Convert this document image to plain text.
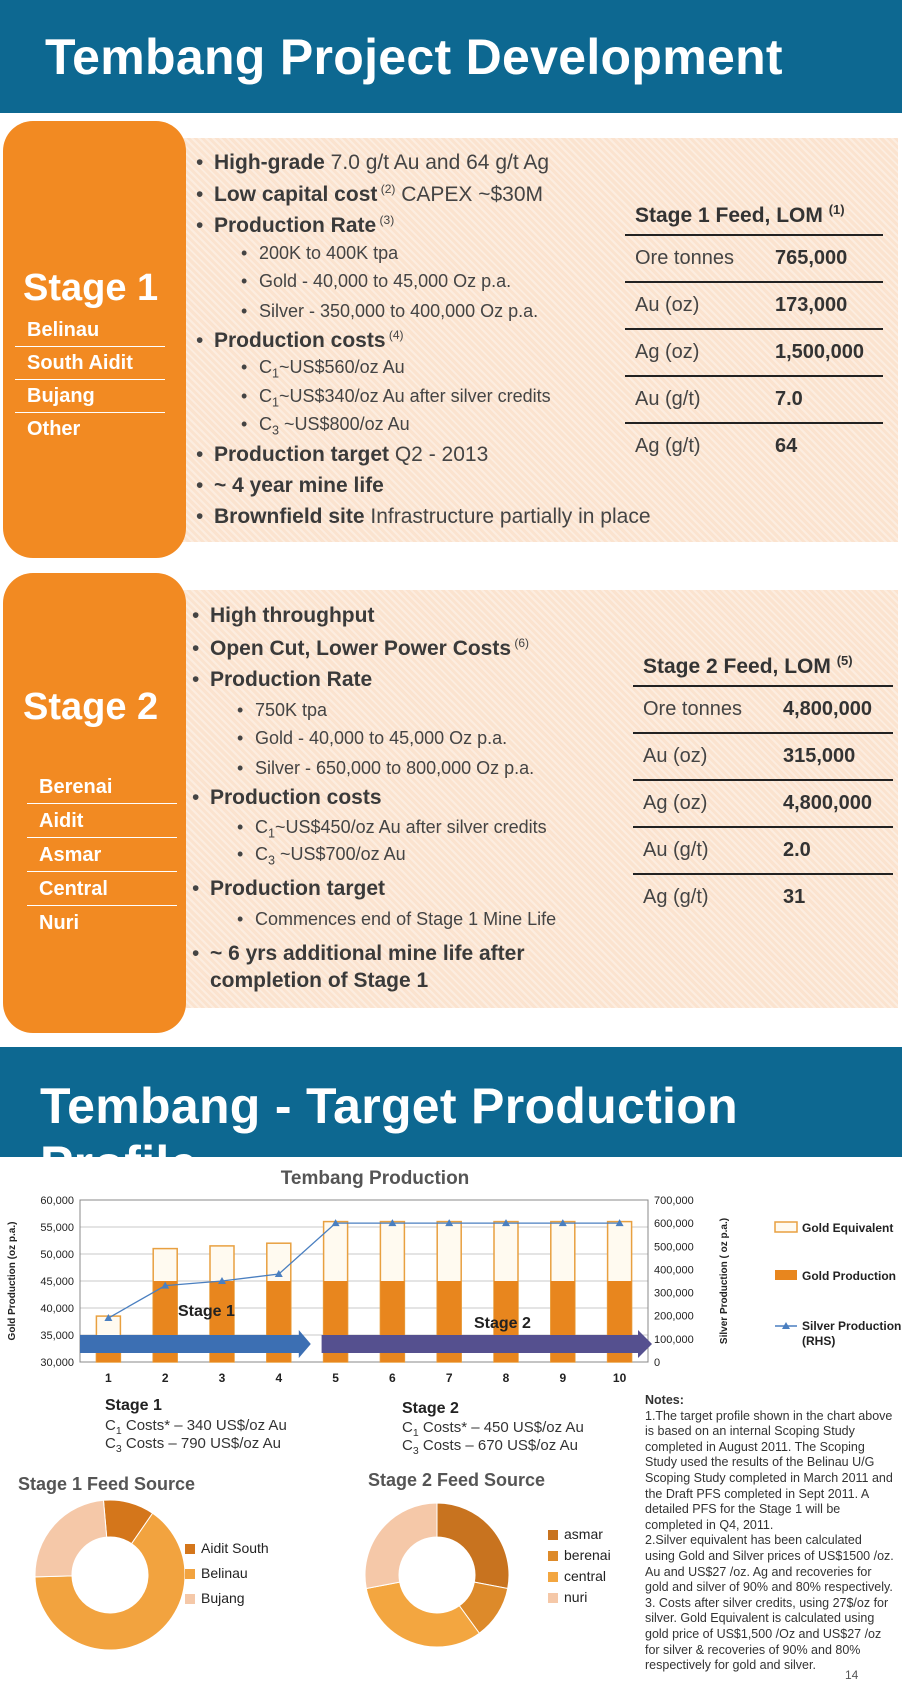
Tembang Project Development
Stage 1
Belinau
South Aidit
Bujang
Other
• High-grade 7.0 g/t Au and 64 g/t Ag
• Low capital cost $^{(2)}$ CAPEX ~$30M
• Production Rate $^{(3)}$
• 200K to 400K tpa
• Gold - 40,000 to 45,000 Oz p.a.
• Silver - 350,000 to 400,000 Oz p.a.
• Production costs $^{(4)}$
• $C_1\sim US\$560/oz$ Au
• $C_1\sim US\$340/oz$ Au after silver credits
• $C_3$ ~US$800/oz Au
• Production target Q2 - 2013
• ~ 4 year mine life
• Brownfield site Infrastructure partially in place
Stage 1 Feed, LOM $^{(1)}$
Ore tonnes	765,000
Au (oz)	173,000
Ag (oz)	1,500,000
Au (g/t)	7.0
Ag (g/t)	64
Stage 2
Berenai
Aidit
Asmar
Central
Nuri
• High throughput
• Open Cut, Lower Power Costs $^{(6)}$
• Production Rate
• 750K tpa
• Gold - 40,000 to 45,000 Oz p.a.
• Silver - 650,000 to 800,000 Oz p.a.
• Production costs
• $C_1\sim US\$450/oz$ Au after silver credits
• $C_3$ ~US$700/oz Au
• Production target
• Commences end of Stage 1 Mine Life
• ~ 6 yrs additional mine life after
completion of Stage 1
Stage 2 Feed, LOM $^{(5)}$
Ore tonnes	4,800,000
Au (oz)	315,000
Ag (oz)	4,800,000
Au (g/t)	2.0
Ag (g/t)	31
Tembang - Target Production Profile	Tembang Production
30,000
35,000
40,000
45,000
50,000
55,000
60,000
0
100,000
200,000
300,000
400,000
500,000
600,000
700,000
Gold Production (oz p.a.)	Silver Production ( oz p.a.)
1	2	3	4	5	6	7	8	9	10
Stage 1
Stage 2
Gold Equivalent
Gold Production
Silver Production
(RHS)
Stage 1
$C_1$ Costs* – 340 US$/oz Au
$C_3$ Costs – 790 US$/oz Au
Stage 2
$C_1$ Costs* – 450 US$/oz Au
$C_3$ Costs – 670 US$/oz Au
Stage 1 Feed Source
Aidit South
Belinau
Bujang
Stage 2 Feed Source
asmar
berenai
central
nuri

Notes:

1.The target profile shown in the chart above is based on an internal Scoping Study completed in August 2011. The Scoping Study used the results of the Belinau U/G Scoping Study completed in March 2011 and the Draft PFS completed in Sept 2011. A detailed PFS for the Stage 1 will be completed in Q4, 2011.

2.Silver equivalent has been calculated using Gold and Silver prices of US$1500 /oz. Au and US$27 /oz. Ag and recoveries for gold and silver of 90% and 80% respectively.

3. Costs after silver credits, using 27$/oz for silver. Gold Equivalent is calculated using gold price of US$1,500 /Oz and US$27 /oz for silver & recoveries of 90% and 80% respectively for gold and silver.

14
